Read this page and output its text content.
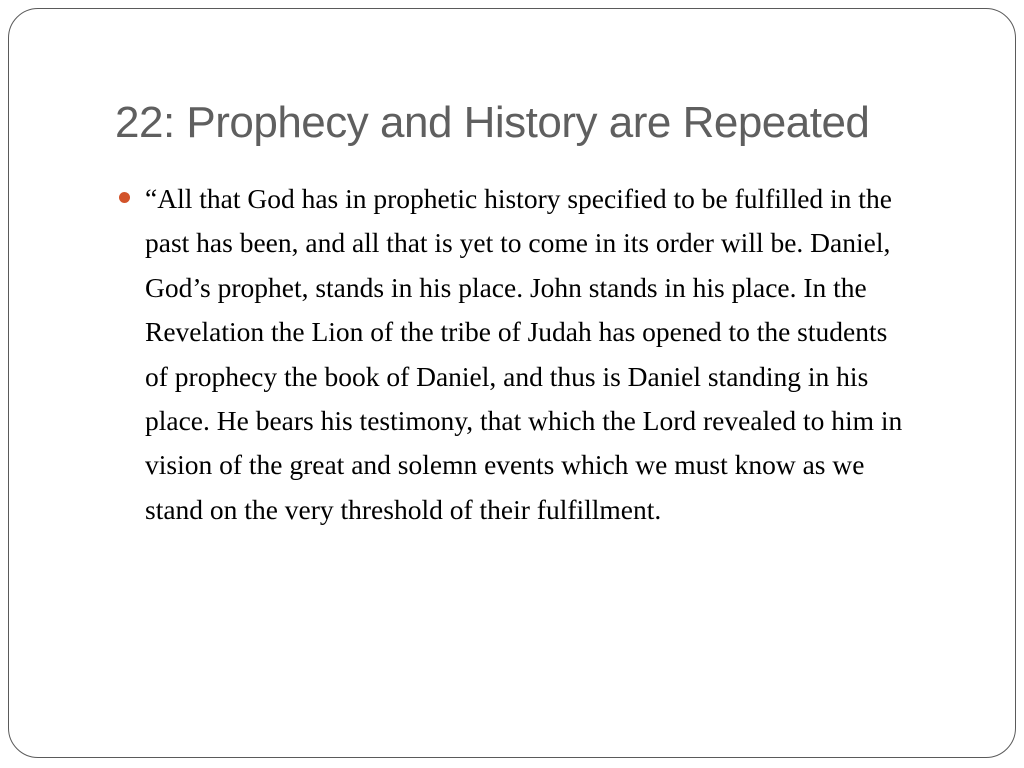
22: Prophecy and History are Repeated
“All that God has in prophetic history specified to be fulfilled in the past has been, and all that is yet to come in its order will be. Daniel, God’s prophet, stands in his place. John stands in his place. In the Revelation the Lion of the tribe of Judah has opened to the students of prophecy the book of Daniel, and thus is Daniel standing in his place. He bears his testimony, that which the Lord revealed to him in vision of the great and solemn events which we must know as we stand on the very threshold of their fulfillment.
